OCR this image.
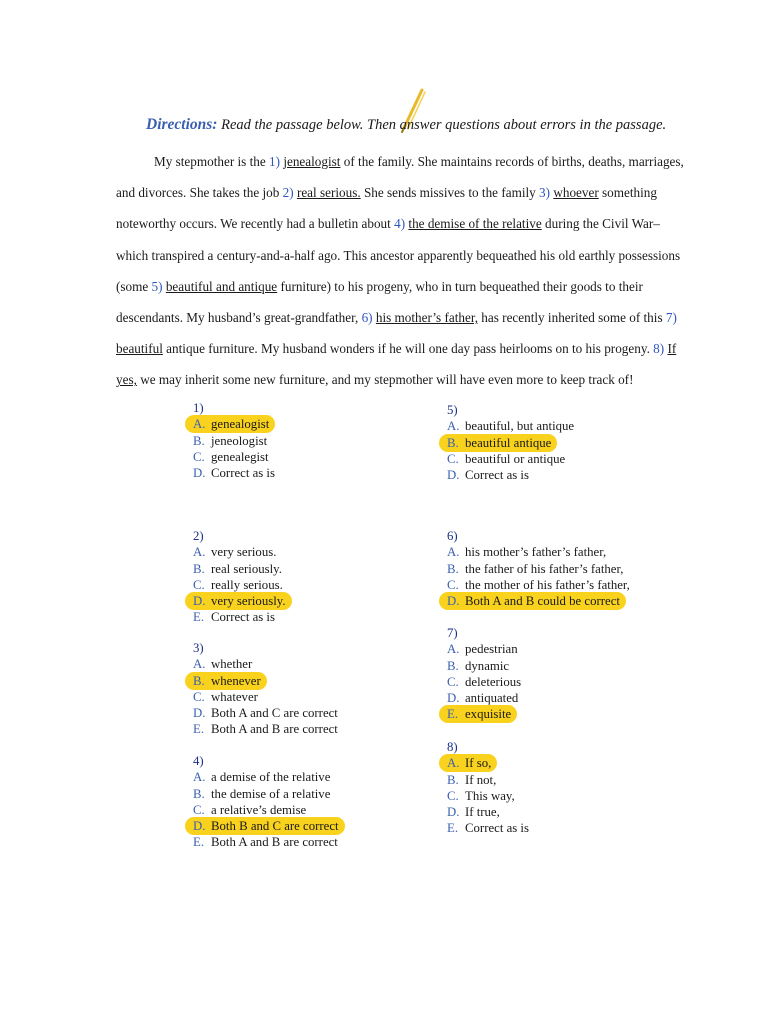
Directions: Read the passage below. Then answer questions about errors in the passage.
My stepmother is the 1) jenealogist of the family. She maintains records of births, deaths, marriages,
and divorces. She takes the job 2) real serious. She sends missives to the family 3) whoever something
noteworthy occurs. We recently had a bulletin about 4) the demise of the relative during the Civil War–
which transpired a century-and-a-half ago. This ancestor apparently bequeathed his old earthly possessions
(some 5) beautiful and antique furniture) to his progeny, who in turn bequeathed their goods to their
descendants. My husband’s great-grandfather, 6) his mother’s father, has recently inherited some of this 7)
beautiful antique furniture. My husband wonders if he will one day pass heirlooms on to his progeny. 8) If
yes, we may inherit some new furniture, and my stepmother will have even more to keep track of!
1)
A. genealogist
B. jeneologist
C. genealegist
D. Correct as is
2)
A. very serious.
B. real seriously.
C. really serious.
D. very seriously.
E. Correct as is
3)
A. whether
B. whenever
C. whatever
D. Both A and C are correct
E. Both A and B are correct
4)
A. a demise of the relative
B. the demise of a relative
C. a relative’s demise
D. Both B and C are correct
E. Both A and B are correct
5)
A. beautiful, but antique
B. beautiful antique
C. beautiful or antique
D. Correct as is
6)
A. his mother’s father’s father,
B. the father of his father’s father,
C. the mother of his father’s father,
D. Both A and B could be correct
7)
A. pedestrian
B. dynamic
C. deleterious
D. antiquated
E. exquisite
8)
A. If so,
B. If not,
C. This way,
D. If true,
E. Correct as is
